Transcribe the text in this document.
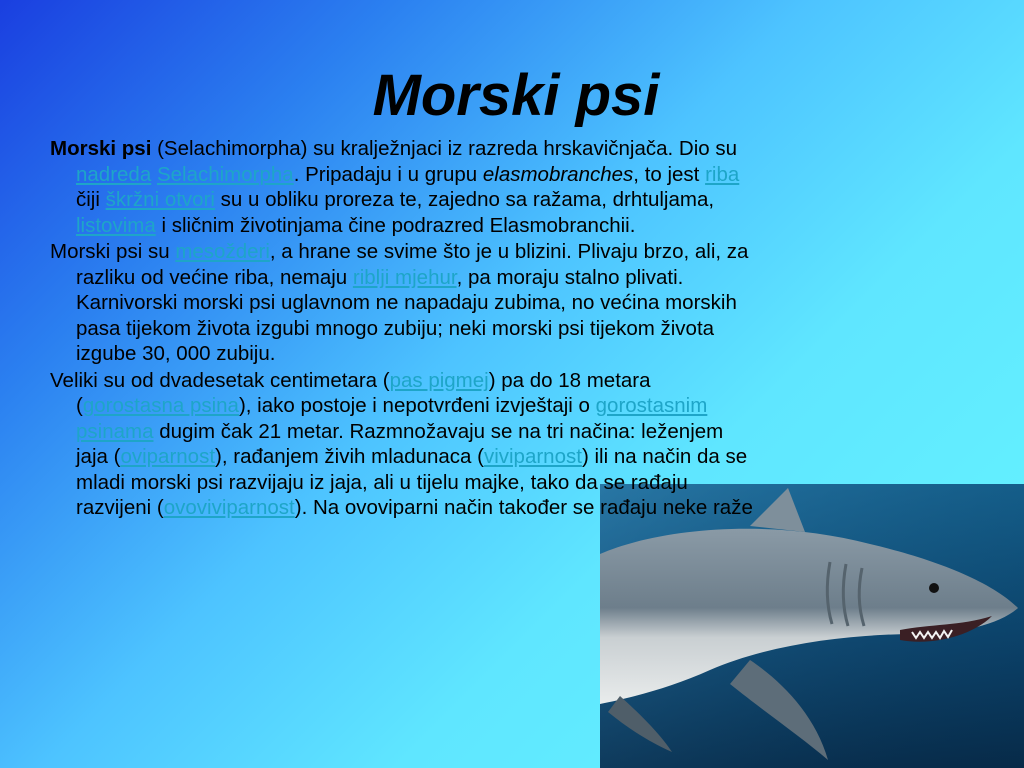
Morski psi

Morski psi (Selachimorpha) su kralježnjaci iz razreda hrskavičnjača. Dio su nadreda Selachimorpha. Pripadaju i u grupu elasmobranches, to jest riba čiji škržni otvori su u obliku proreza te, zajedno sa ražama, drhtuljama, listovima i sličnim životinjama čine podrazred Elasmobranchii.

Morski psi su mesožderi, a hrane se svime što je u blizini. Plivaju brzo, ali, za razliku od većine riba, nemaju riblji mjehur, pa moraju stalno plivati. Karnivorski morski psi uglavnom ne napadaju zubima, no većina morskih pasa tijekom života izgubi mnogo zubiju; neki morski psi tijekom života izgube 30, 000 zubiju.

Veliki su od dvadesetak centimetara (pas pigmej) pa do 18 metara (gorostasna psina), iako postoje i nepotvrđeni izvještaji o gorostasnim psinama dugim čak 21 metar. Razmnožavaju se na tri načina: leženjem jaja (oviparnost), rađanjem živih mladunaca (viviparnost) ili na način da se mladi morski psi razvijaju iz jaja, ali u tijelu majke, tako da se rađaju razvijeni (ovoviviparnost). Na ovoviparni način također se rađaju neke raže
